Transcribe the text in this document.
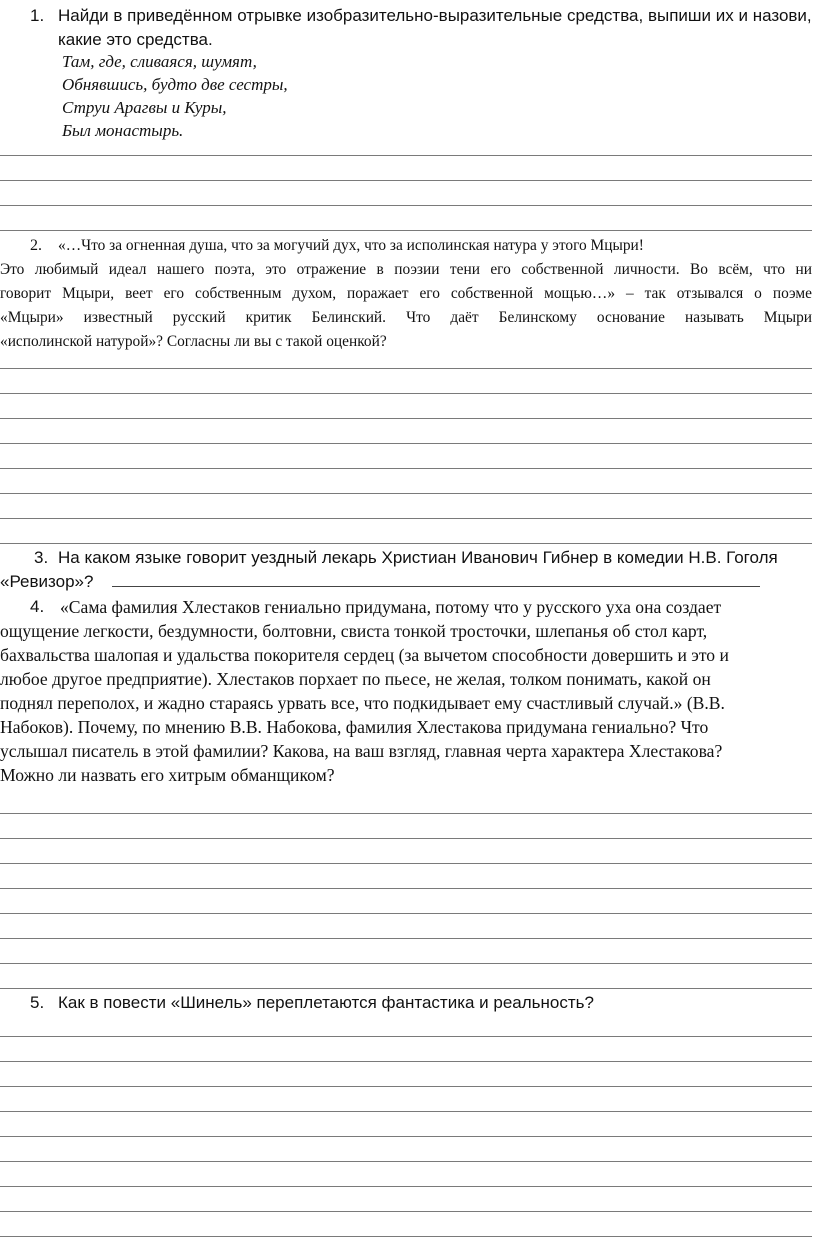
1. Найди в приведённом отрывке изобразительно-выразительные средства, выпиши их и назови,
какие это средства.
Там, где, сливаяся, шумят,
Обнявшись, будто две сестры,
Струи Арагвы и Куры,
Был монастырь.
2. «…Что за огненная душа, что за могучий дух, что за исполинская натура у этого Мцыри!
Это любимый идеал нашего поэта, это отражение в поэзии тени его собственной личности. Во всём, что ни
говорит Мцыри, веет его собственным духом, поражает его собственной мощью…» – так отзывался о поэме
«Мцыри» известный русский критик Белинский. Что даёт Белинскому основание называть Мцыри
«исполинской натурой»? Согласны ли вы с такой оценкой?
3. На каком языке говорит уездный лекарь Христиан Иванович Гибнер в комедии Н.В. Гоголя
«Ревизор»?
4. «Сама фамилия Хлестаков гениально придумана, потому что у русского уха она создает
ощущение легкости, бездумности, болтовни, свиста тонкой тросточки, шлепанья об стол карт,
бахвальства шалопая и удальства покорителя сердец (за вычетом способности довершить и это и
любое другое предприятие). Хлестаков порхает по пьесе, не желая, толком понимать, какой он
поднял переполох, и жадно стараясь урвать все, что подкидывает ему счастливый случай.» (В.В.
Набоков). Почему, по мнению В.В. Набокова, фамилия Хлестакова придумана гениально? Что
услышал писатель в этой фамилии? Какова, на ваш взгляд, главная черта характера Хлестакова?
Можно ли назвать его хитрым обманщиком?
5. Как в повести «Шинель» переплетаются фантастика и реальность?
